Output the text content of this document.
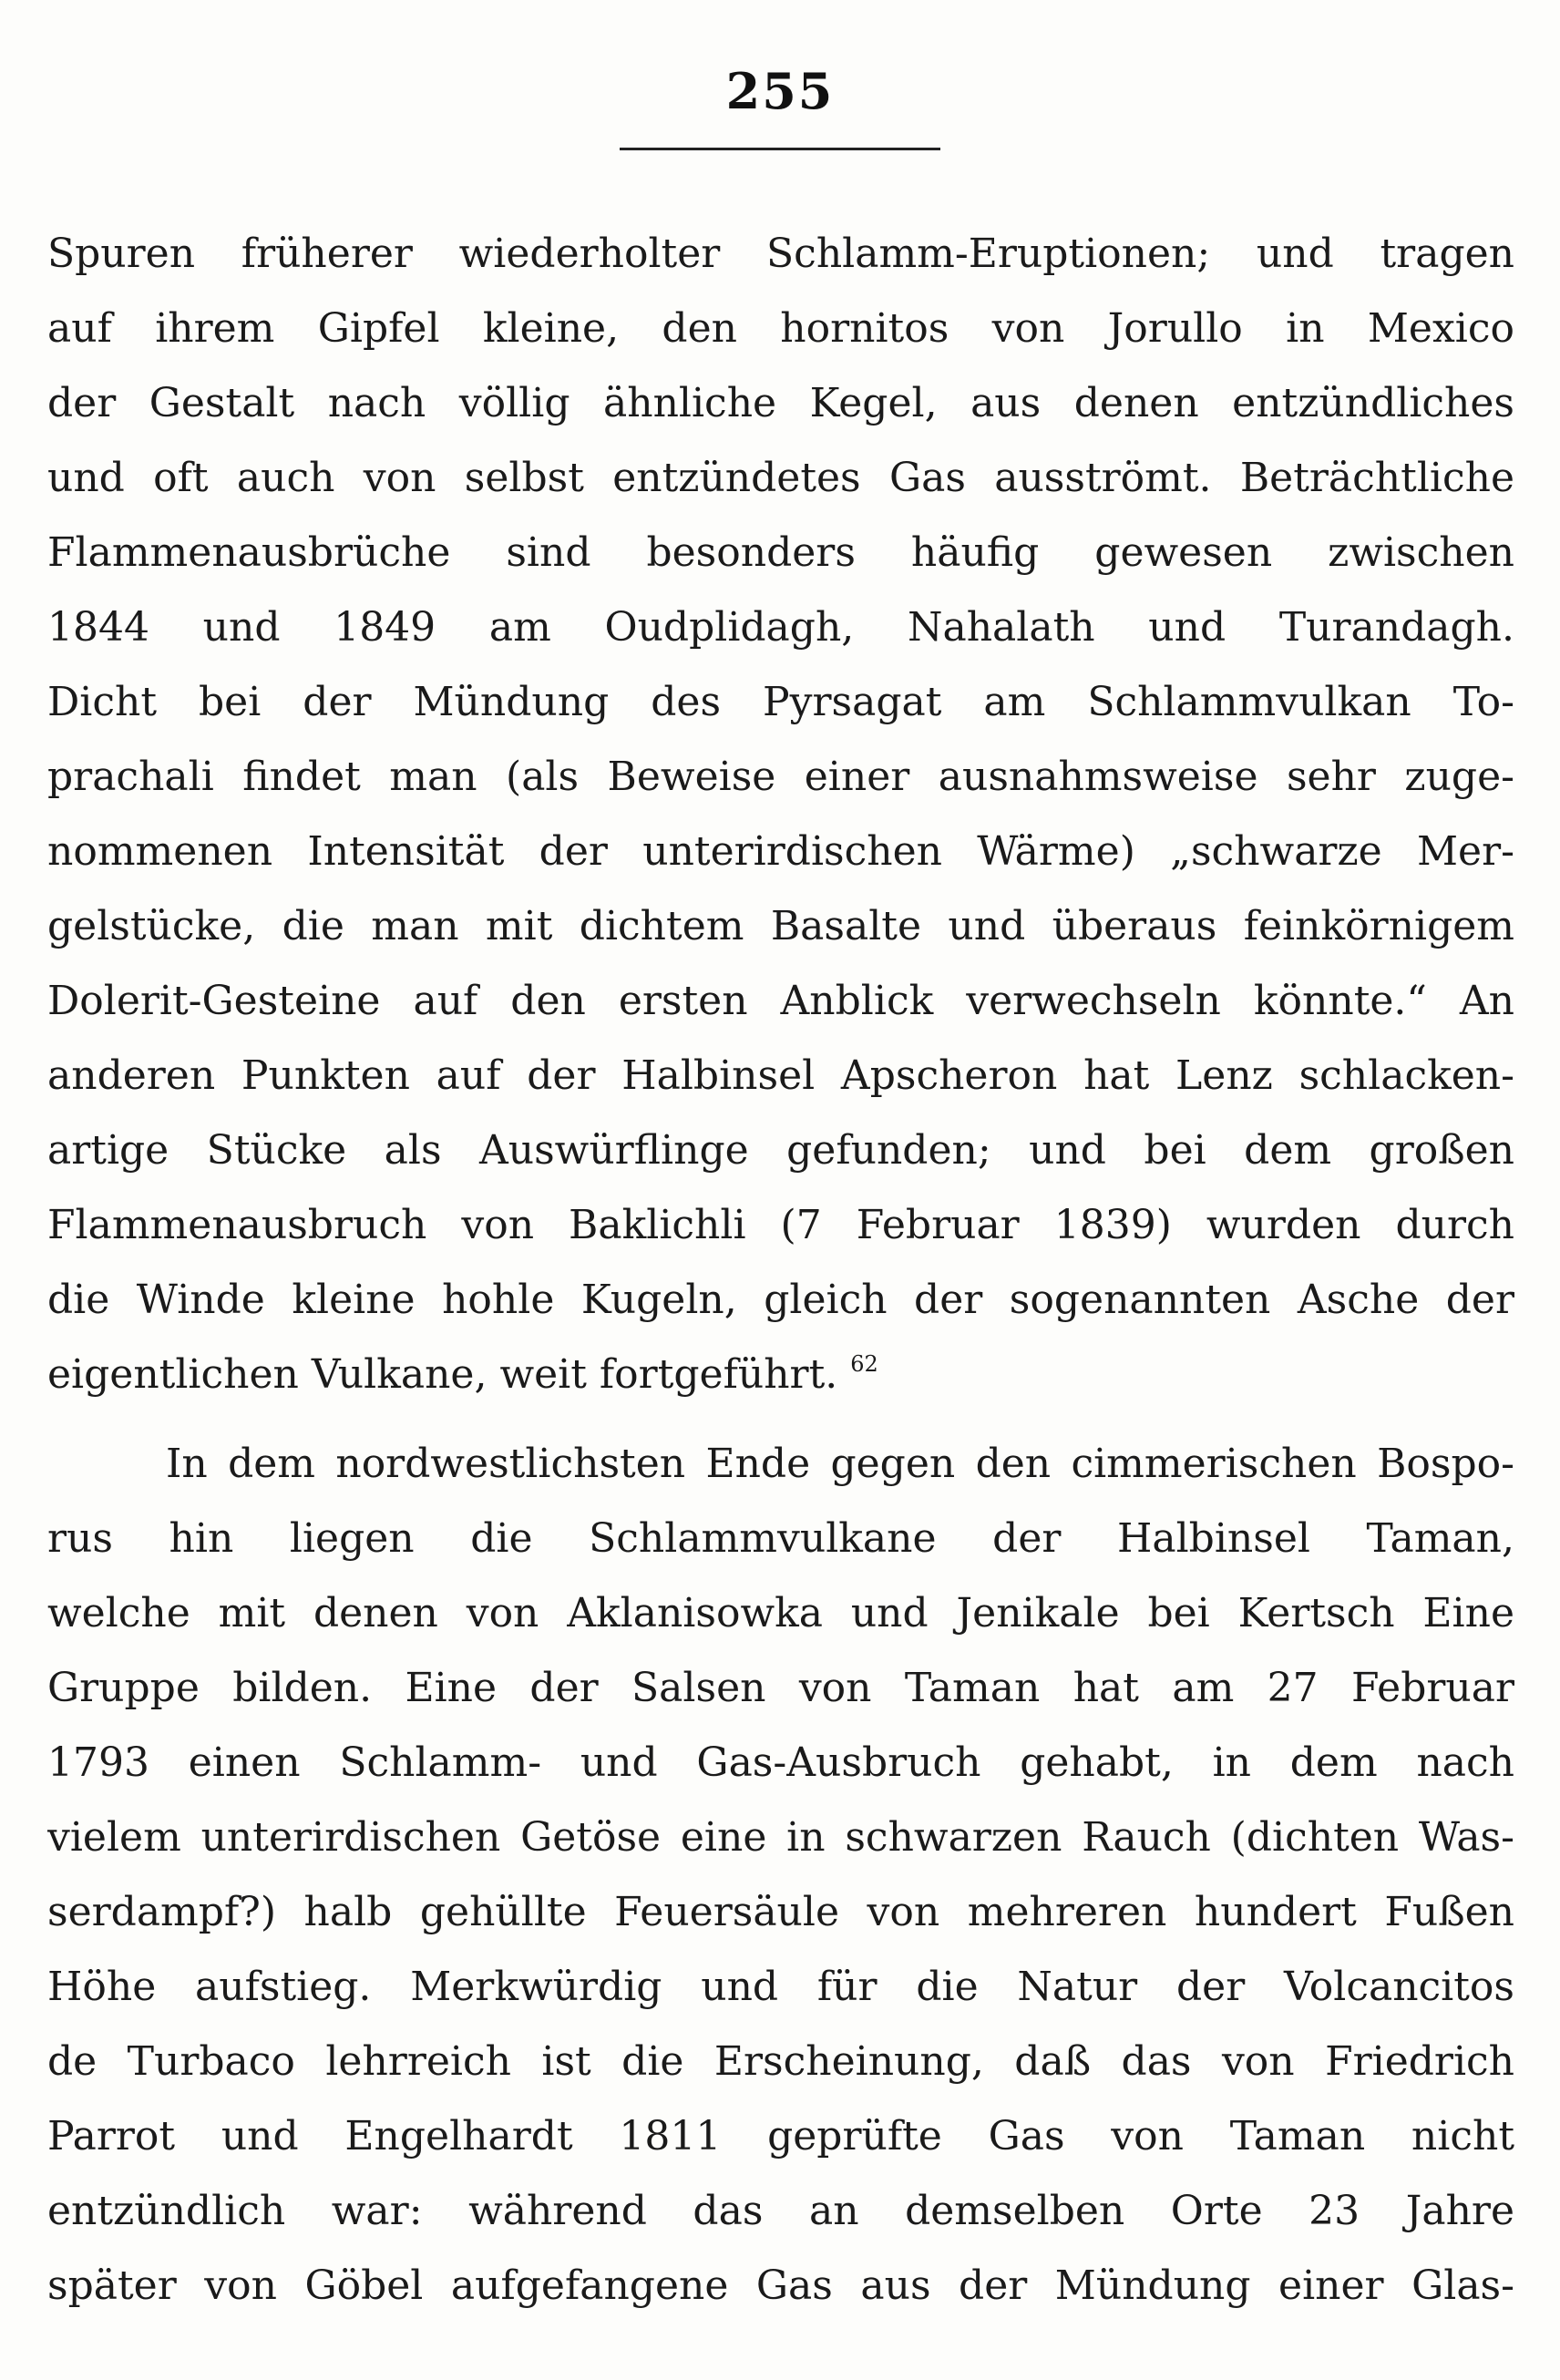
255
Spuren früherer wiederholter Schlamm-Eruptionen; und tragen
auf ihrem Gipfel kleine, den hornitos von Jorullo in Mexico
der Gestalt nach völlig ähnliche Kegel, aus denen entzündliches
und oft auch von selbst entzündetes Gas ausströmt. Beträchtliche
Flammenausbrüche sind besonders häufig gewesen zwischen
1844 und 1849 am Oudplidagh, Nahalath und Turandagh.
Dicht bei der Mündung des Pyrsagat am Schlammvulkan To-
prachali findet man (als Beweise einer ausnahmsweise sehr zuge-
nommenen Intensität der unterirdischen Wärme) „schwarze Mer-
gelstücke, die man mit dichtem Basalte und überaus feinkörnigem
Dolerit-Gesteine auf den ersten Anblick verwechseln könnte.“ An
anderen Punkten auf der Halbinsel Apscheron hat Lenz schlacken-
artige Stücke als Auswürflinge gefunden; und bei dem großen
Flammenausbruch von Baklichli (7 Februar 1839) wurden durch
die Winde kleine hohle Kugeln, gleich der sogenannten Asche der
eigentlichen Vulkane, weit fortgeführt. $^{62}$
In dem nordwestlichsten Ende gegen den cimmerischen Bospo-
rus hin liegen die Schlammvulkane der Halbinsel Taman,
welche mit denen von Aklanisowka und Jenikale bei Kertsch Eine
Gruppe bilden. Eine der Salsen von Taman hat am 27 Februar
1793 einen Schlamm- und Gas-Ausbruch gehabt, in dem nach
vielem unterirdischen Getöse eine in schwarzen Rauch (dichten Was-
serdampf?) halb gehüllte Feuersäule von mehreren hundert Fußen
Höhe aufstieg. Merkwürdig und für die Natur der Volcancitos
de Turbaco lehrreich ist die Erscheinung, daß das von Friedrich
Parrot und Engelhardt 1811 geprüfte Gas von Taman nicht
entzündlich war: während das an demselben Orte 23 Jahre
später von Göbel aufgefangene Gas aus der Mündung einer Glas-
